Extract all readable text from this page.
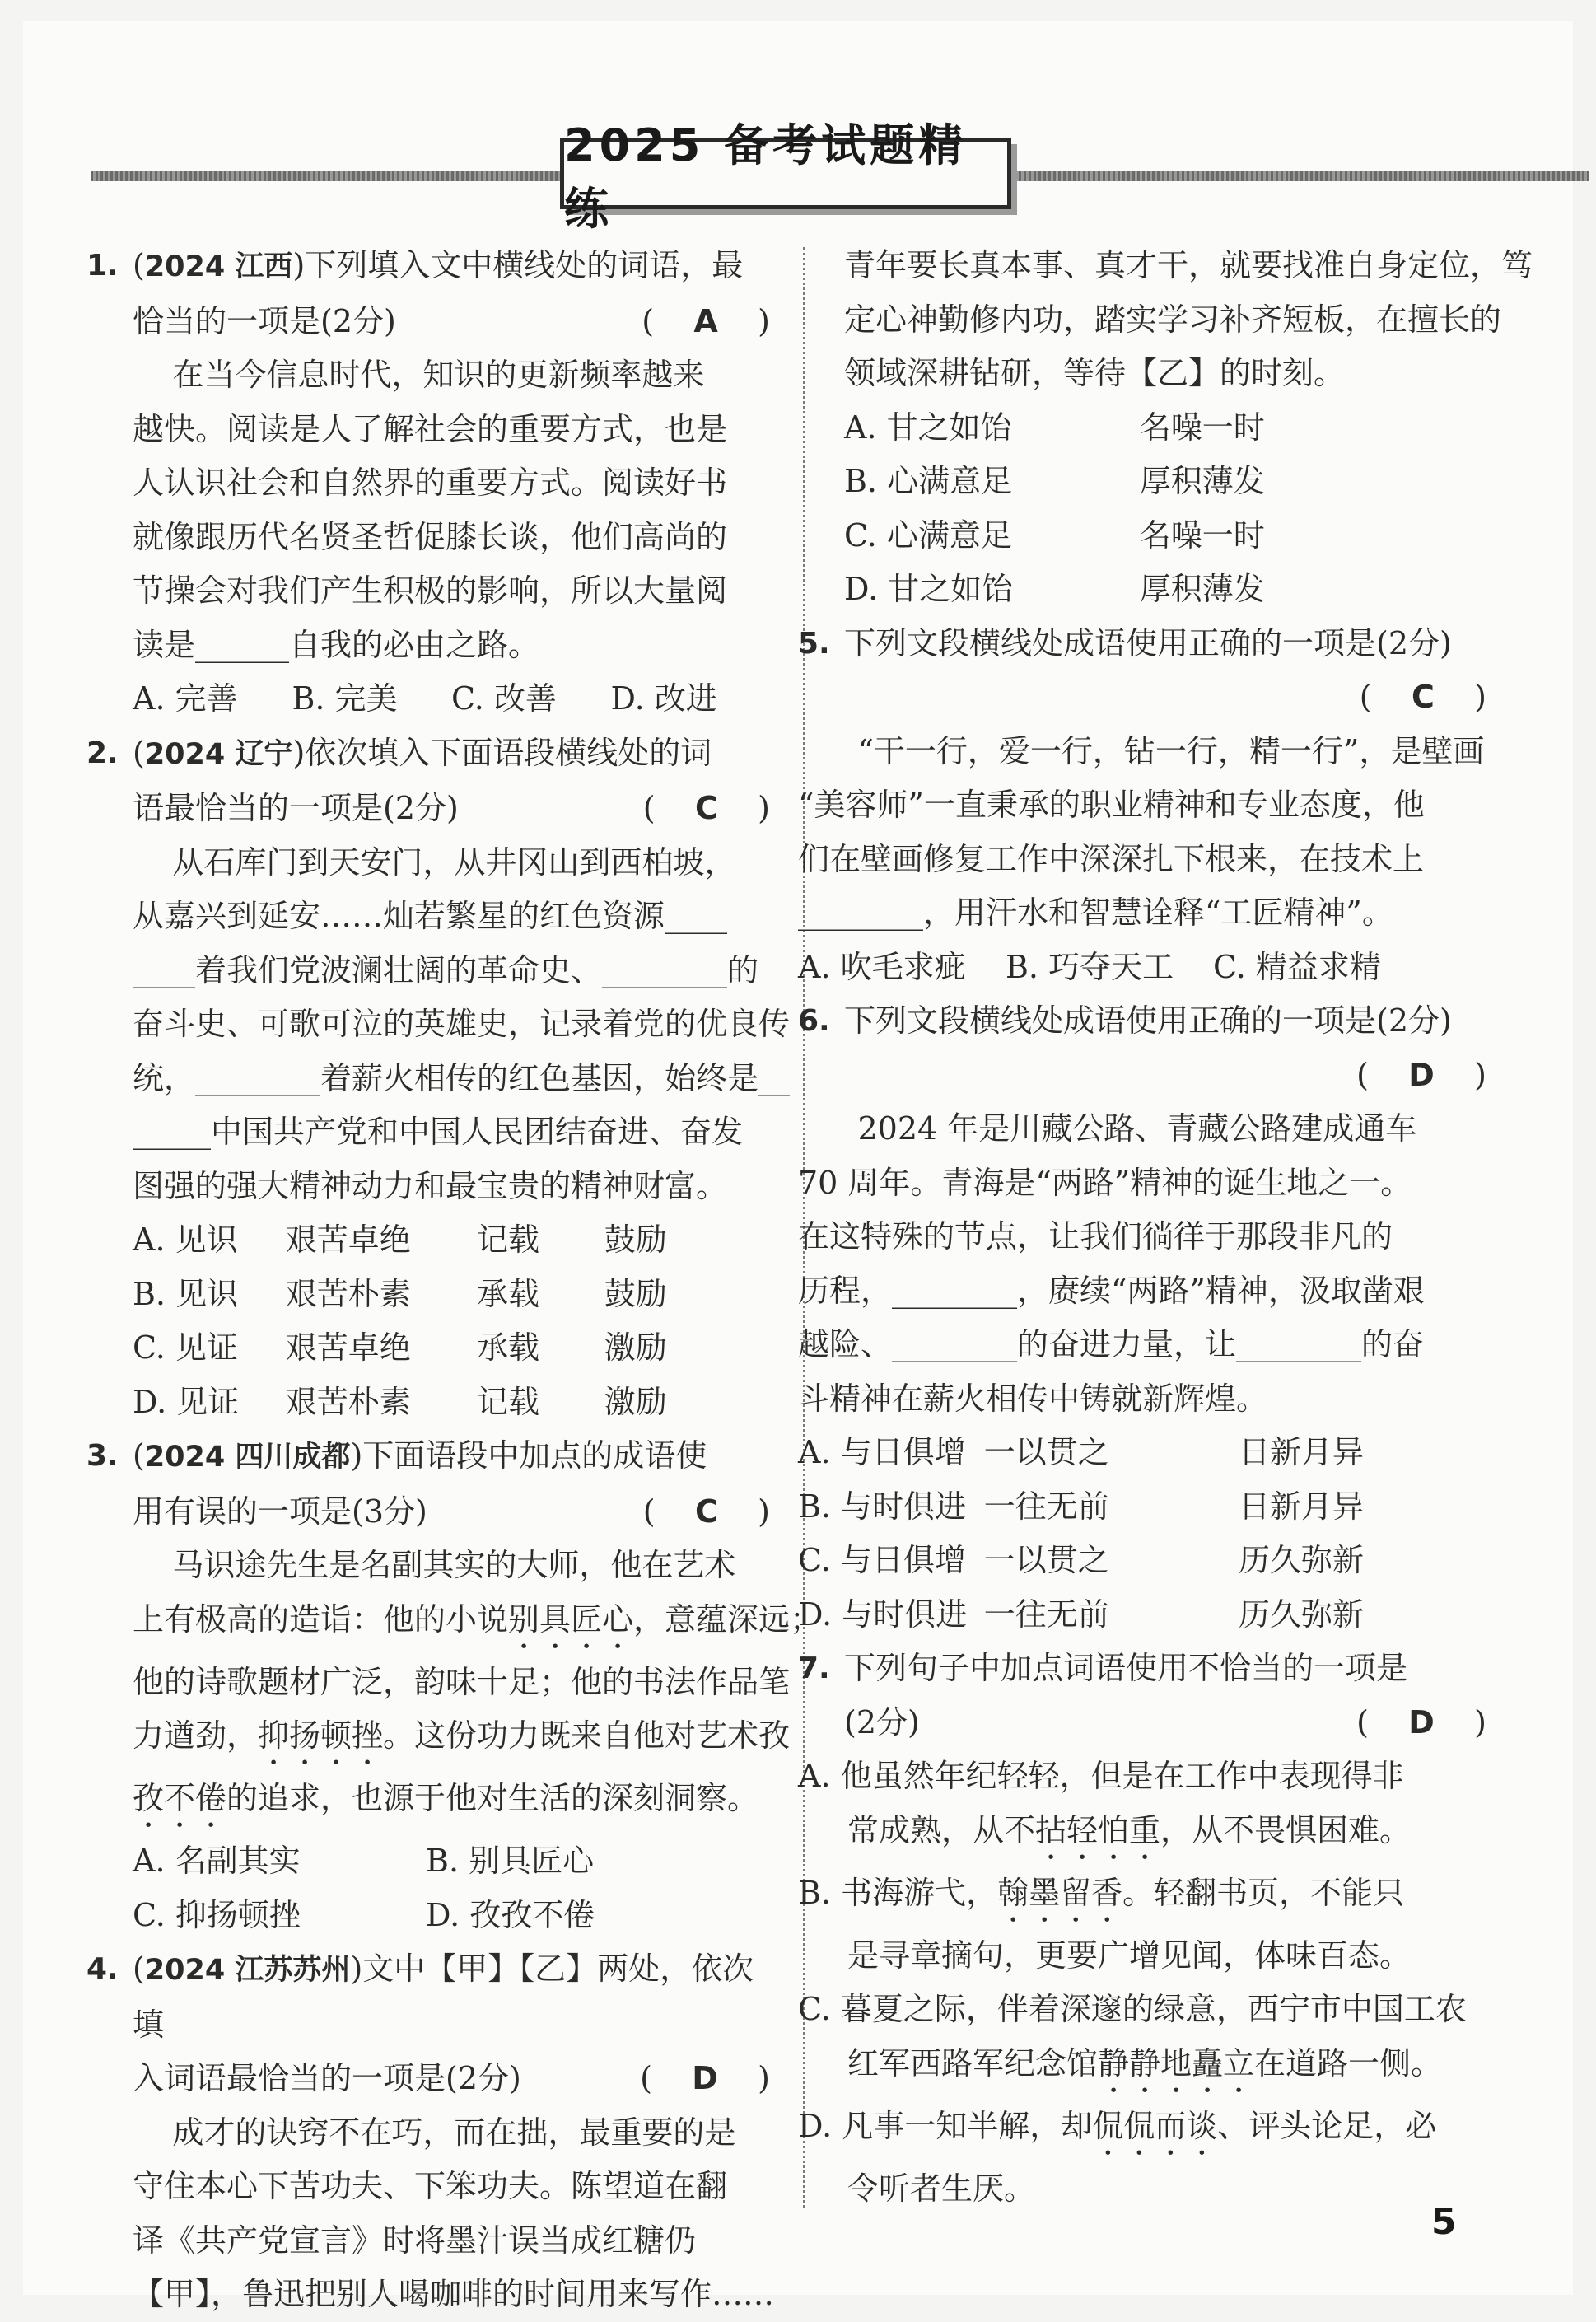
2025 备考试题精练
1. (2024 江西)下列填入文中横线处的词语，最

恰当的一项是(2分)	(    A    )

在当今信息时代，知识的更新频率越来

越快。阅读是人了解社会的重要方式，也是

人认识社会和自然界的重要方式。阅读好书

就像跟历代名贤圣哲促膝长谈，他们高尚的

节操会对我们产生积极的影响，所以大量阅

读是______自我的必由之路。

A. 完善	B. 完美	C. 改善	D. 改进
2. (2024 辽宁)依次填入下面语段横线处的词

语最恰当的一项是(2分)	(    C    )

从石库门到天安门，从井冈山到西柏坡，

从嘉兴到延安……灿若繁星的红色资源____

____着我们党波澜壮阔的革命史、________的

奋斗史、可歌可泣的英雄史，记录着党的优良传

统，________着薪火相传的红色基因，始终是__

_____中国共产党和中国人民团结奋进、奋发

图强的强大精神动力和最宝贵的精神财富。

A. 见识	艰苦卓绝	记载	鼓励
B. 见识	艰苦朴素	承载	鼓励
C. 见证	艰苦卓绝	承载	激励
D. 见证	艰苦朴素	记载	激励
3. (2024 四川成都)下面语段中加点的成语使

用有误的一项是(3分)	(    C    )

马识途先生是名副其实的大师，他在艺术

上有极高的造诣：他的小说别具匠心，意蕴深远；

他的诗歌题材广泛，韵味十足；他的书法作品笔

力遒劲，抑扬顿挫。这份功力既来自他对艺术孜

孜不倦的追求，也源于他对生活的深刻洞察。

A. 名副其实	B. 别具匠心
C. 抑扬顿挫	D. 孜孜不倦
4. (2024 江苏苏州)文中【甲】【乙】两处，依次填

入词语最恰当的一项是(2分)	(    D    )

成才的诀窍不在巧，而在拙，最重要的是

守住本心下苦功夫、下笨功夫。陈望道在翻

译《共产党宣言》时将墨汁误当成红糖仍

【甲】，鲁迅把别人喝咖啡的时间用来写作……

青年要长真本事、真才干，就要找准自身定位，笃

定心神勤修内功，踏实学习补齐短板，在擅长的

领域深耕钻研，等待【乙】的时刻。

A. 甘之如饴	名噪一时
B. 心满意足	厚积薄发
C. 心满意足	名噪一时
D. 甘之如饴	厚积薄发
5. 下列文段横线处成语使用正确的一项是(2分)

(    C    )

“干一行，爱一行，钻一行，精一行”，是壁画

“美容师”一直秉承的职业精神和专业态度，他

们在壁画修复工作中深深扎下根来，在技术上

________，用汗水和智慧诠释“工匠精神”。

A. 吹毛求疵	B. 巧夺天工	C. 精益求精
6. 下列文段横线处成语使用正确的一项是(2分)

(    D    )

2024 年是川藏公路、青藏公路建成通车

70 周年。青海是“两路”精神的诞生地之一。

在这特殊的节点，让我们徜徉于那段非凡的

历程，________，赓续“两路”精神，汲取凿艰

越险、________的奋进力量，让________的奋

斗精神在薪火相传中铸就新辉煌。

A. 与日俱增 一以贯之	日新月异
B. 与时俱进 一往无前	日新月异
C. 与日俱增 一以贯之	历久弥新
D. 与时俱进 一往无前	历久弥新
7. 下列句子中加点词语使用不恰当的一项是

(2分)	(    D    )

A. 他虽然年纪轻轻，但是在工作中表现得非

常成熟，从不拈轻怕重，从不畏惧困难。

B. 书海游弋，翰墨留香。轻翻书页，不能只

是寻章摘句，更要广增见闻，体味百态。

C. 暮夏之际，伴着深邃的绿意，西宁市中国工农

红军西路军纪念馆静静地矗立在道路一侧。

D. 凡事一知半解，却侃侃而谈、评头论足，必

令听者生厌。

5
